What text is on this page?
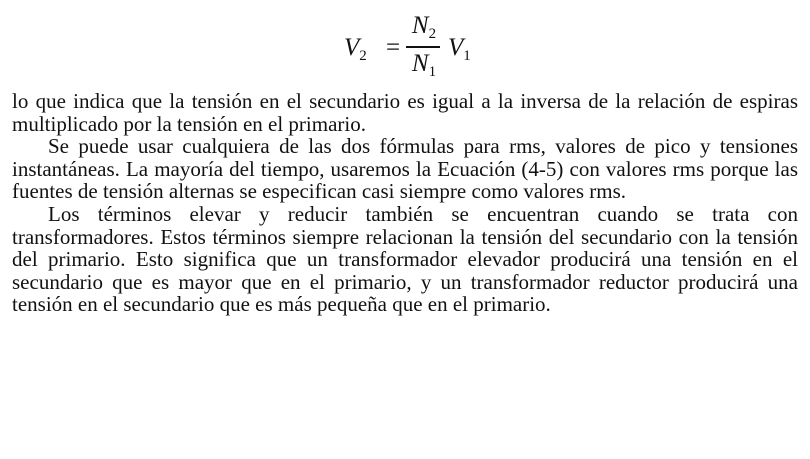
$V_2$ =
$N_2$
$N_1$
$V_1$

lo que indica que la tensión en el secundario es igual a la inversa de la relación de espiras multiplicado por la tensión en el primario.

Se puede usar cualquiera de las dos fórmulas para rms, valores de pico y tensiones instantáneas. La mayoría del tiempo, usaremos la Ecuación (4-5) con valores rms porque las fuentes de tensión alternas se especifican casi siempre como valores rms.

Los términos elevar y reducir también se encuentran cuando se trata con transformadores. Estos términos siempre relacionan la tensión del secundario con la tensión del primario. Esto significa que un transformador elevador producirá una tensión en el secundario que es mayor que en el primario, y un transformador reductor producirá una tensión en el secundario que es más pequeña que en el primario.
